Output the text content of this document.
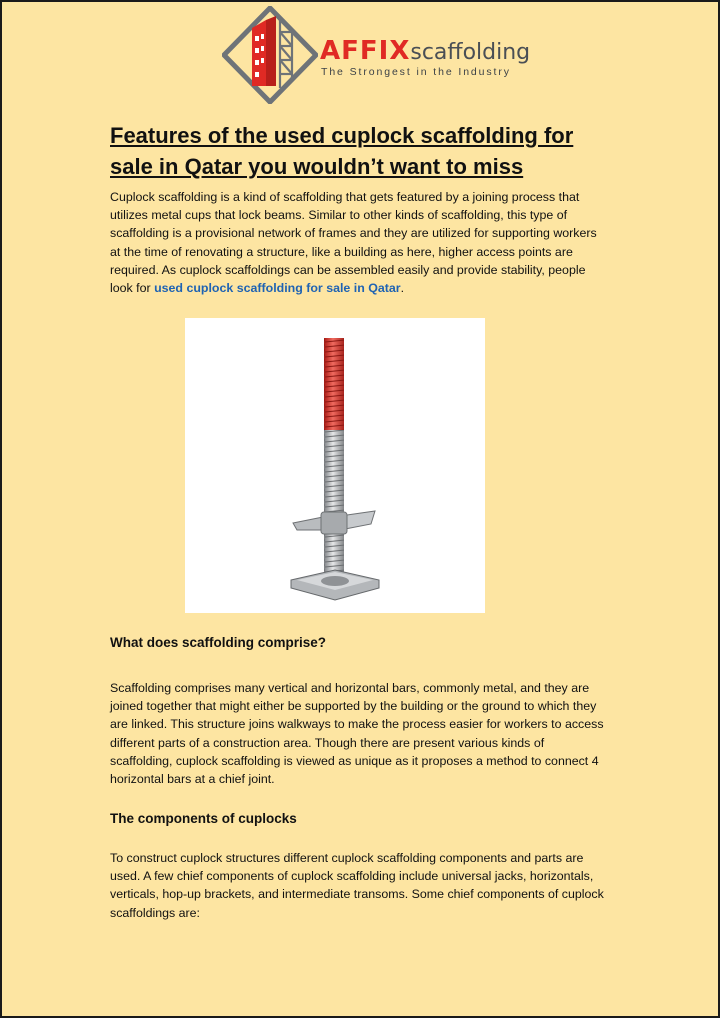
AFFIXscaffolding
The Strongest in the Industry
Features of the used cuplock scaffolding for sale in Qatar you wouldn’t want to miss

Cuplock scaffolding is a kind of scaffolding that gets featured by a joining process that utilizes metal cups that lock beams. Similar to other kinds of scaffolding, this type of scaffolding is a provisional network of frames and they are utilized for supporting workers at the time of renovating a structure, like a building as here, higher access points are required. As cuplock scaffoldings can be assembled easily and provide stability, people look for used cuplock scaffolding for sale in Qatar.

What does scaffolding comprise?

Scaffolding comprises many vertical and horizontal bars, commonly metal, and they are joined together that might either be supported by the building or the ground to which they are linked. This structure joins walkways to make the process easier for workers to access different parts of a construction area. Though there are present various kinds of scaffolding, cuplock scaffolding is viewed as unique as it proposes a method to connect 4 horizontal bars at a chief joint.

The components of cuplocks

To construct cuplock structures different cuplock scaffolding components and parts are used. A few chief components of cuplock scaffolding include universal jacks, horizontals, verticals, hop-up brackets, and intermediate transoms. Some chief components of cuplock scaffoldings are:
